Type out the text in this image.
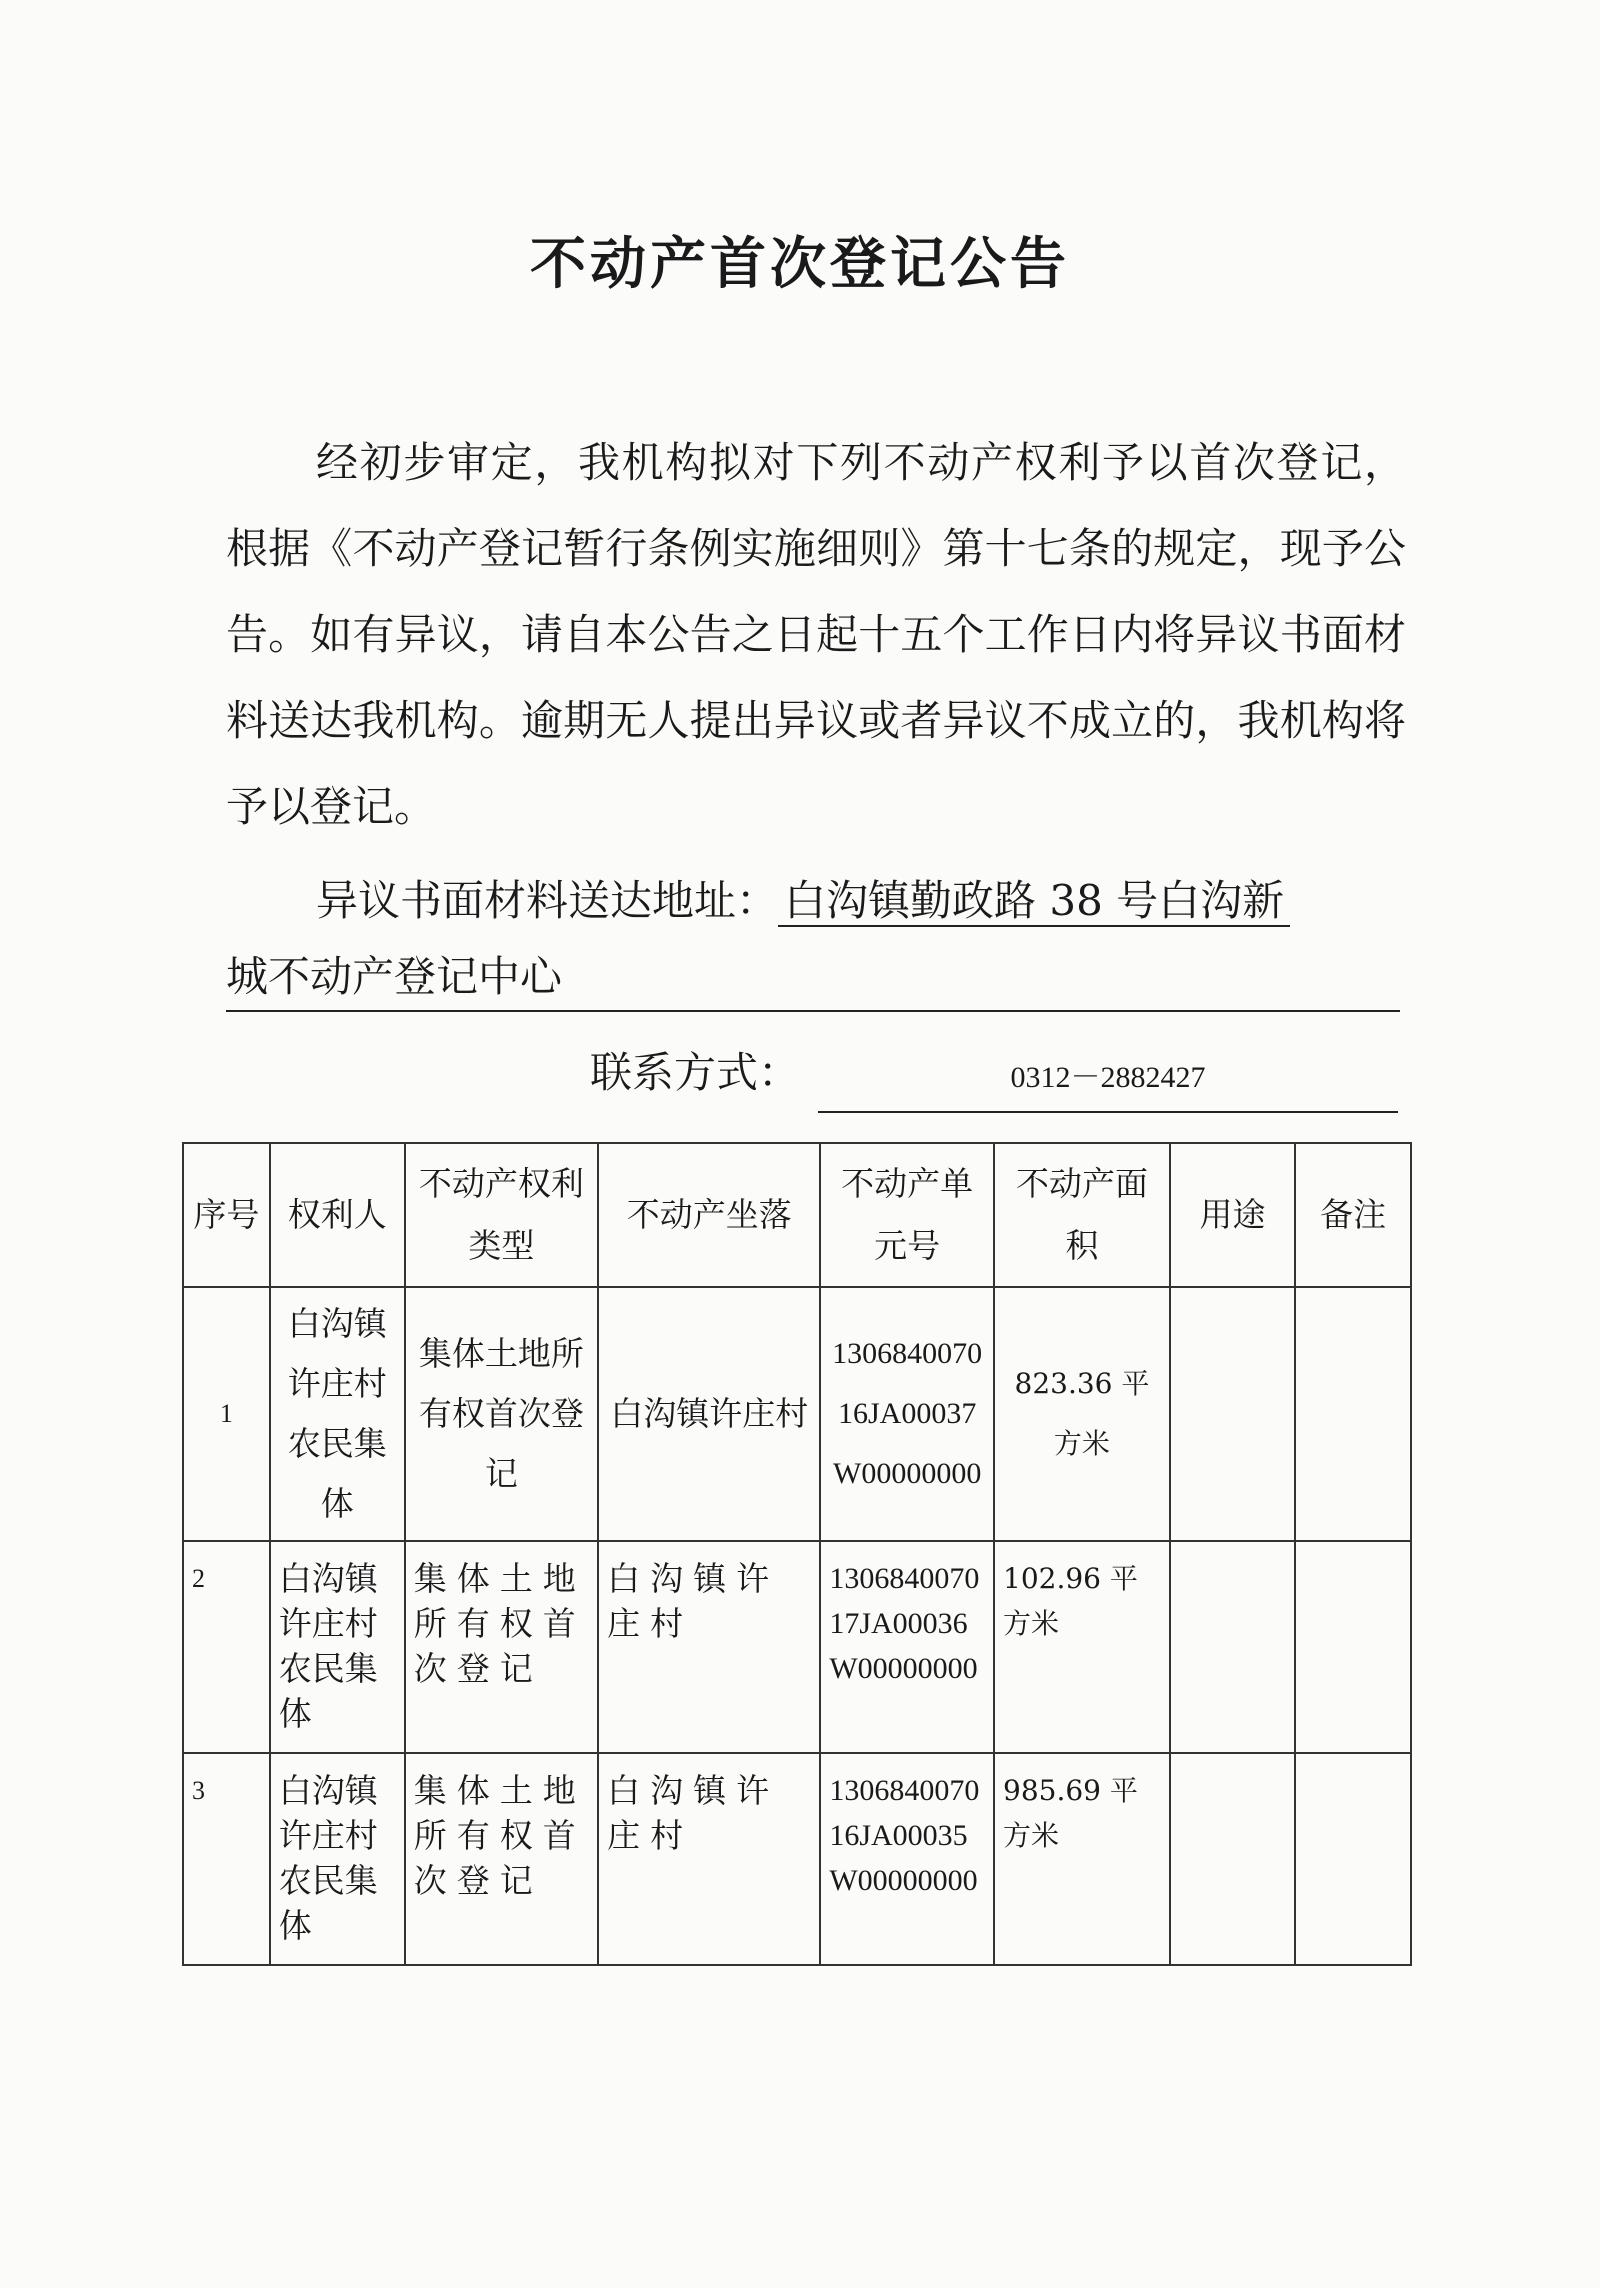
不动产首次登记公告
经初步审定，我机构拟对下列不动产权利予以首次登记，根据《不动产登记暂行条例实施细则》第十七条的规定，现予公告。如有异议，请自本公告之日起十五个工作日内将异议书面材料送达我机构。逾期无人提出异议或者异议不成立的，我机构将予以登记。
异议书面材料送达地址： 白沟镇勤政路 38 号白沟新
城不动产登记中心
联系方式：	0312－2882427
序号	权利人	不动产权利类型	不动产坐落	不动产单元号	不动产面积	用途	备注
1	白沟镇许庄村农民集体	集体土地所有权首次登记	白沟镇许庄村	130684007016JA00037W00000000	823.36 平方米		
2	白沟镇许庄村农民集体	集体土地所有权首次登记	白沟镇许庄村	130684007017JA00036W00000000	102.96 平方米		
3	白沟镇许庄村农民集体	集体土地所有权首次登记	白沟镇许庄村	130684007016JA00035W00000000	985.69 平方米		
